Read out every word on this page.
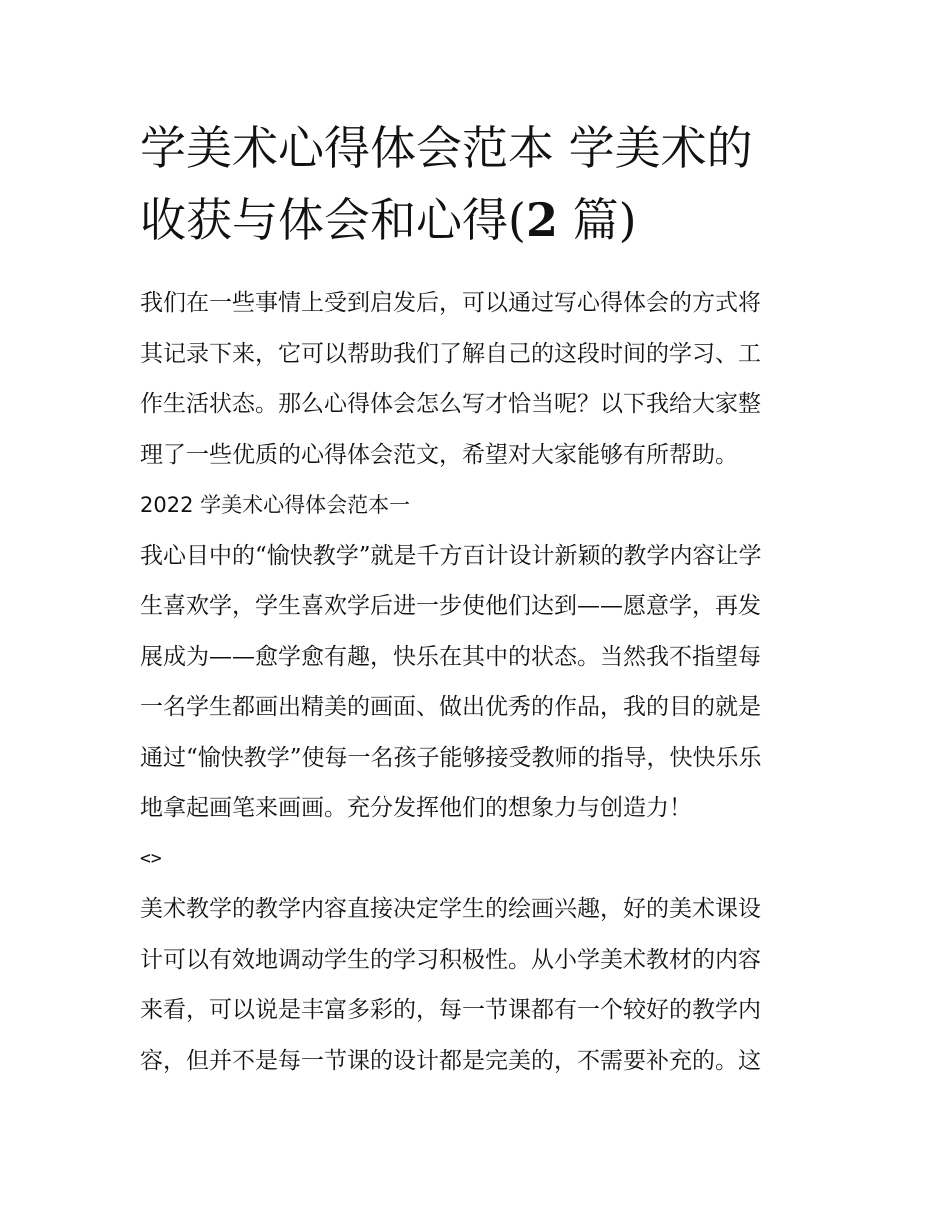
学美术心得体会范本 学美术的
收获与体会和心得(2 篇)
我们在一些事情上受到启发后，可以通过写心得体会的方式将
其记录下来，它可以帮助我们了解自己的这段时间的学习、工
作生活状态。那么心得体会怎么写才恰当呢？以下我给大家整
理了一些优质的心得体会范文，希望对大家能够有所帮助。
2022 学美术心得体会范本一
我心目中的“愉快教学”就是千方百计设计新颖的教学内容让学
生喜欢学，学生喜欢学后进一步使他们达到——愿意学，再发
展成为——愈学愈有趣，快乐在其中的状态。当然我不指望每
一名学生都画出精美的画面、做出优秀的作品，我的目的就是
通过“愉快教学”使每一名孩子能够接受教师的指导，快快乐乐
地拿起画笔来画画。充分发挥他们的想象力与创造力！
<>
美术教学的教学内容直接决定学生的绘画兴趣，好的美术课设
计可以有效地调动学生的学习积极性。从小学美术教材的内容
来看，可以说是丰富多彩的，每一节课都有一个较好的教学内
容，但并不是每一节课的设计都是完美的，不需要补充的。这
